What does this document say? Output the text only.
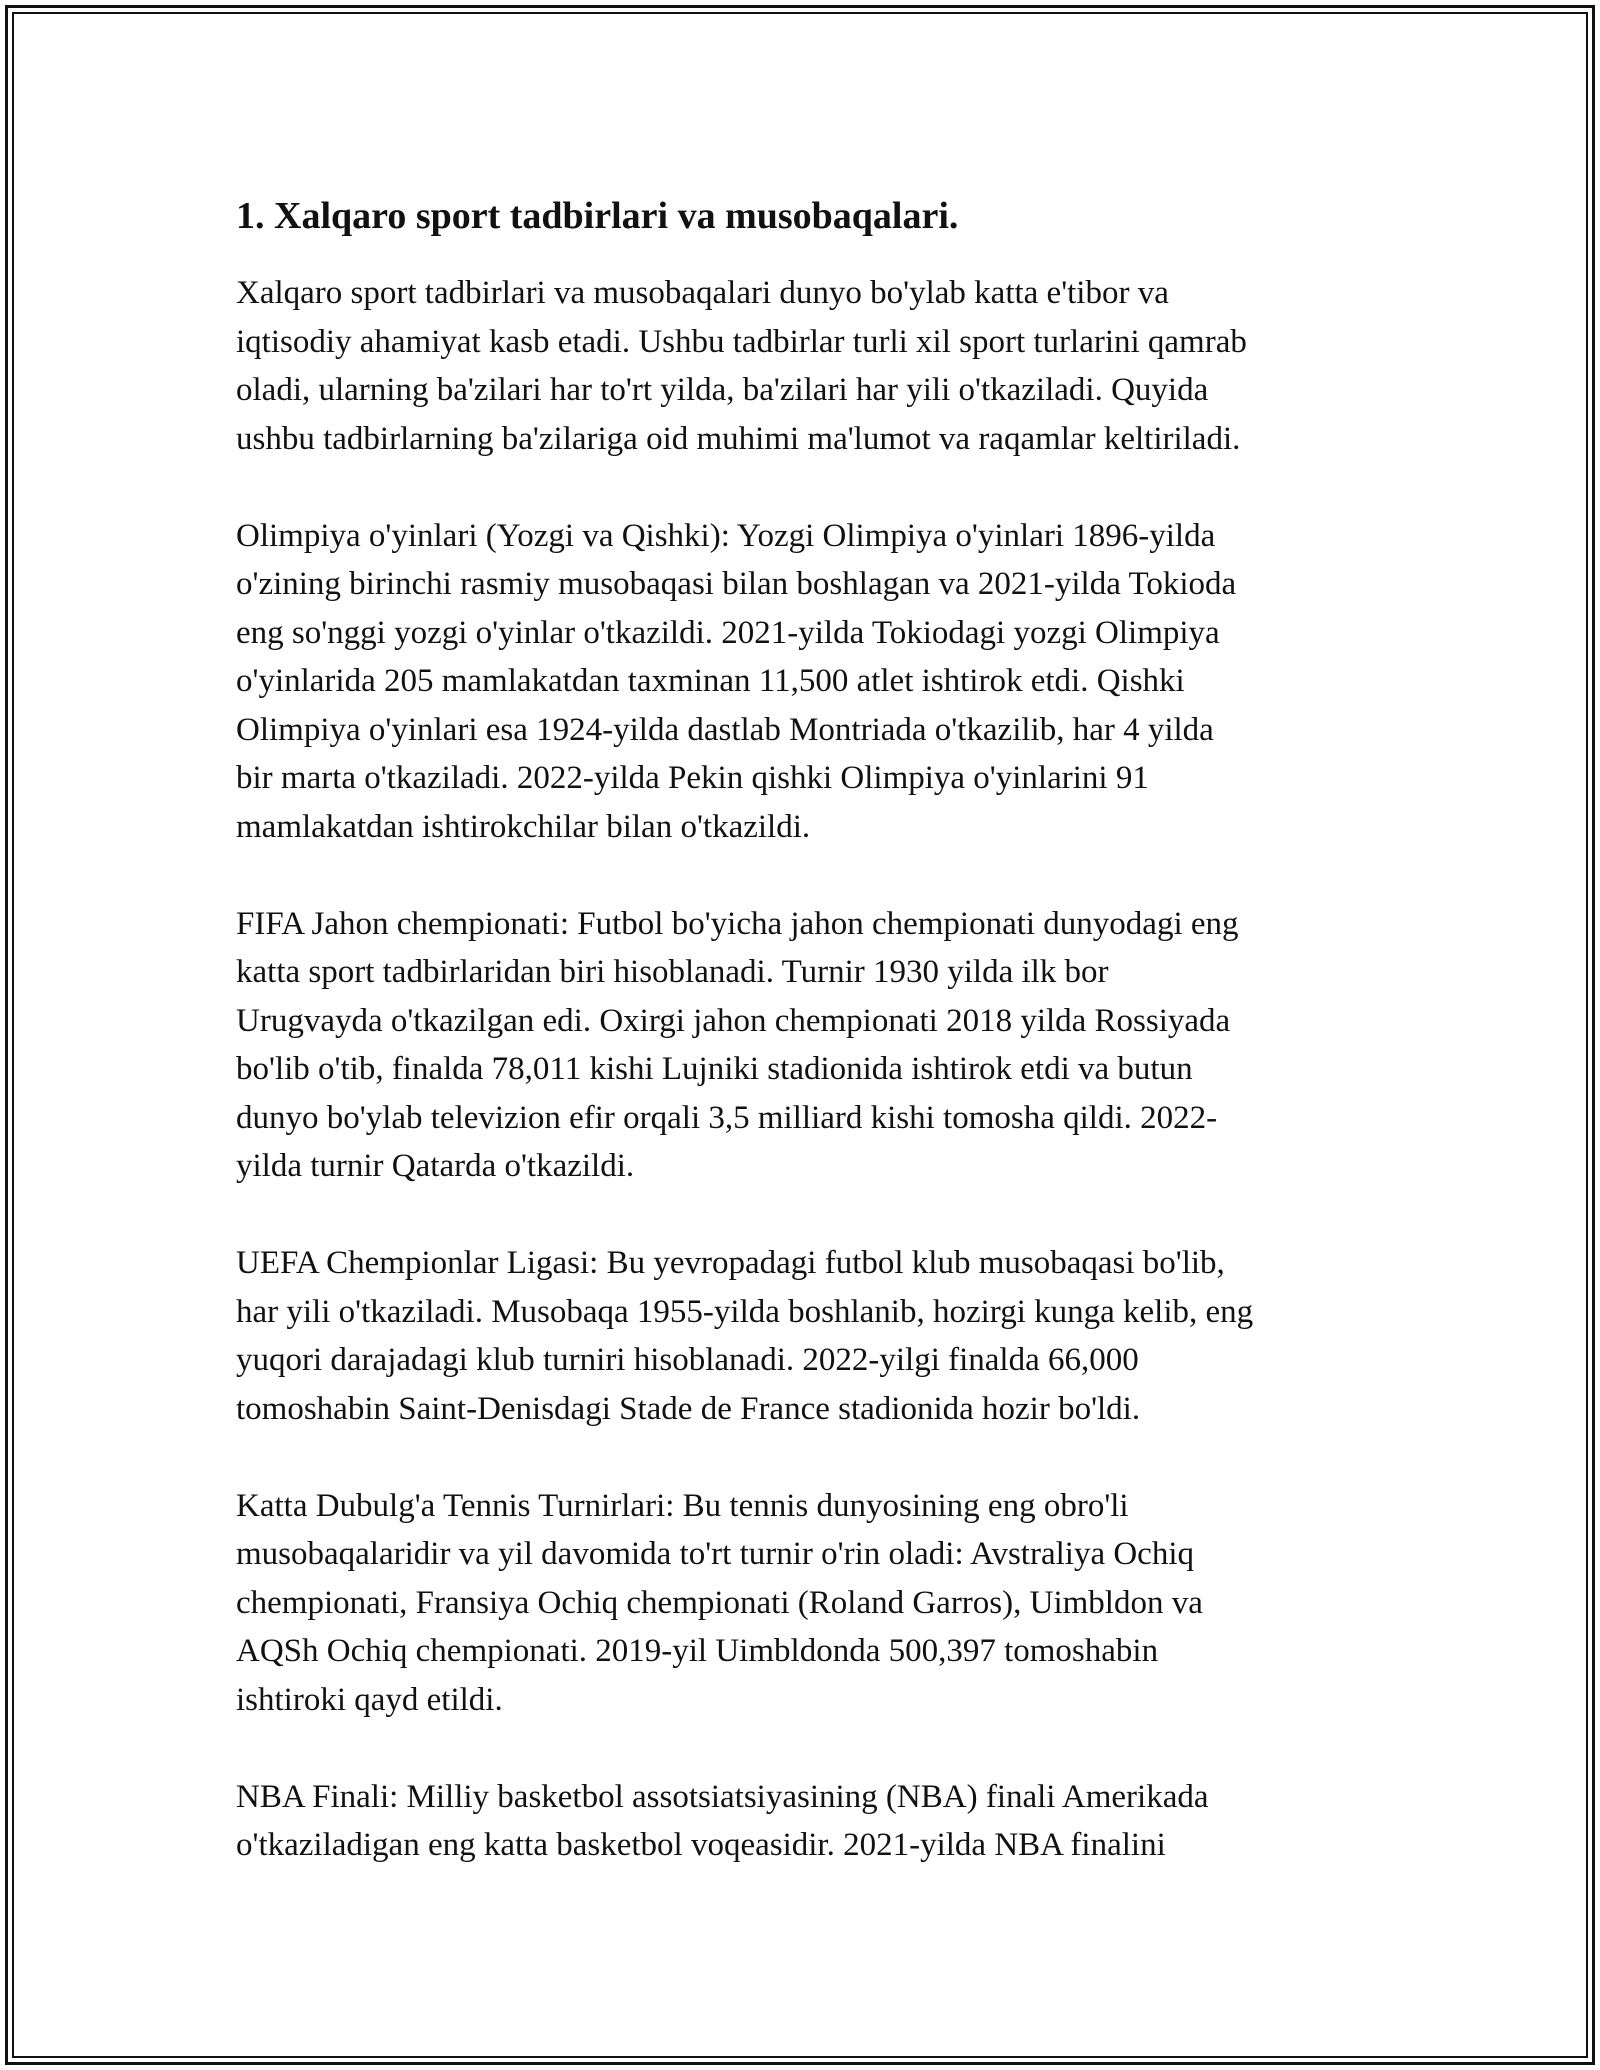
1. Xalqaro sport tadbirlari va musobaqalari.

Xalqaro sport tadbirlari va musobaqalari dunyo bo'ylab katta e'tibor va
iqtisodiy ahamiyat kasb etadi. Ushbu tadbirlar turli xil sport turlarini qamrab
oladi, ularning ba'zilari har to'rt yilda, ba'zilari har yili o'tkaziladi. Quyida
ushbu tadbirlarning ba'zilariga oid muhimi ma'lumot va raqamlar keltiriladi.

Olimpiya o'yinlari (Yozgi va Qishki): Yozgi Olimpiya o'yinlari 1896-yilda
o'zining birinchi rasmiy musobaqasi bilan boshlagan va 2021-yilda Tokioda
eng so'nggi yozgi o'yinlar o'tkazildi. 2021-yilda Tokiodagi yozgi Olimpiya
o'yinlarida 205 mamlakatdan taxminan 11,500 atlet ishtirok etdi. Qishki
Olimpiya o'yinlari esa 1924-yilda dastlab Montriada o'tkazilib, har 4 yilda
bir marta o'tkaziladi. 2022-yilda Pekin qishki Olimpiya o'yinlarini 91
mamlakatdan ishtirokchilar bilan o'tkazildi.

FIFA Jahon chempionati: Futbol bo'yicha jahon chempionati dunyodagi eng
katta sport tadbirlaridan biri hisoblanadi. Turnir 1930 yilda ilk bor
Urugvayda o'tkazilgan edi. Oxirgi jahon chempionati 2018 yilda Rossiyada
bo'lib o'tib, finalda 78,011 kishi Lujniki stadionida ishtirok etdi va butun
dunyo bo'ylab televizion efir orqali 3,5 milliard kishi tomosha qildi. 2022-
yilda turnir Qatarda o'tkazildi.

UEFA Chempionlar Ligasi: Bu yevropadagi futbol klub musobaqasi bo'lib,
har yili o'tkaziladi. Musobaqa 1955-yilda boshlanib, hozirgi kunga kelib, eng
yuqori darajadagi klub turniri hisoblanadi. 2022-yilgi finalda 66,000
tomoshabin Saint-Denisdagi Stade de France stadionida hozir bo'ldi.

Katta Dubulg'a Tennis Turnirlari: Bu tennis dunyosining eng obro'li
musobaqalaridir va yil davomida to'rt turnir o'rin oladi: Avstraliya Ochiq
chempionati, Fransiya Ochiq chempionati (Roland Garros), Uimbldon va
AQSh Ochiq chempionati. 2019-yil Uimbldonda 500,397 tomoshabin
ishtiroki qayd etildi.

NBA Finali: Milliy basketbol assotsiatsiyasining (NBA) finali Amerikada
o'tkaziladigan eng katta basketbol voqeasidir. 2021-yilda NBA finalini
